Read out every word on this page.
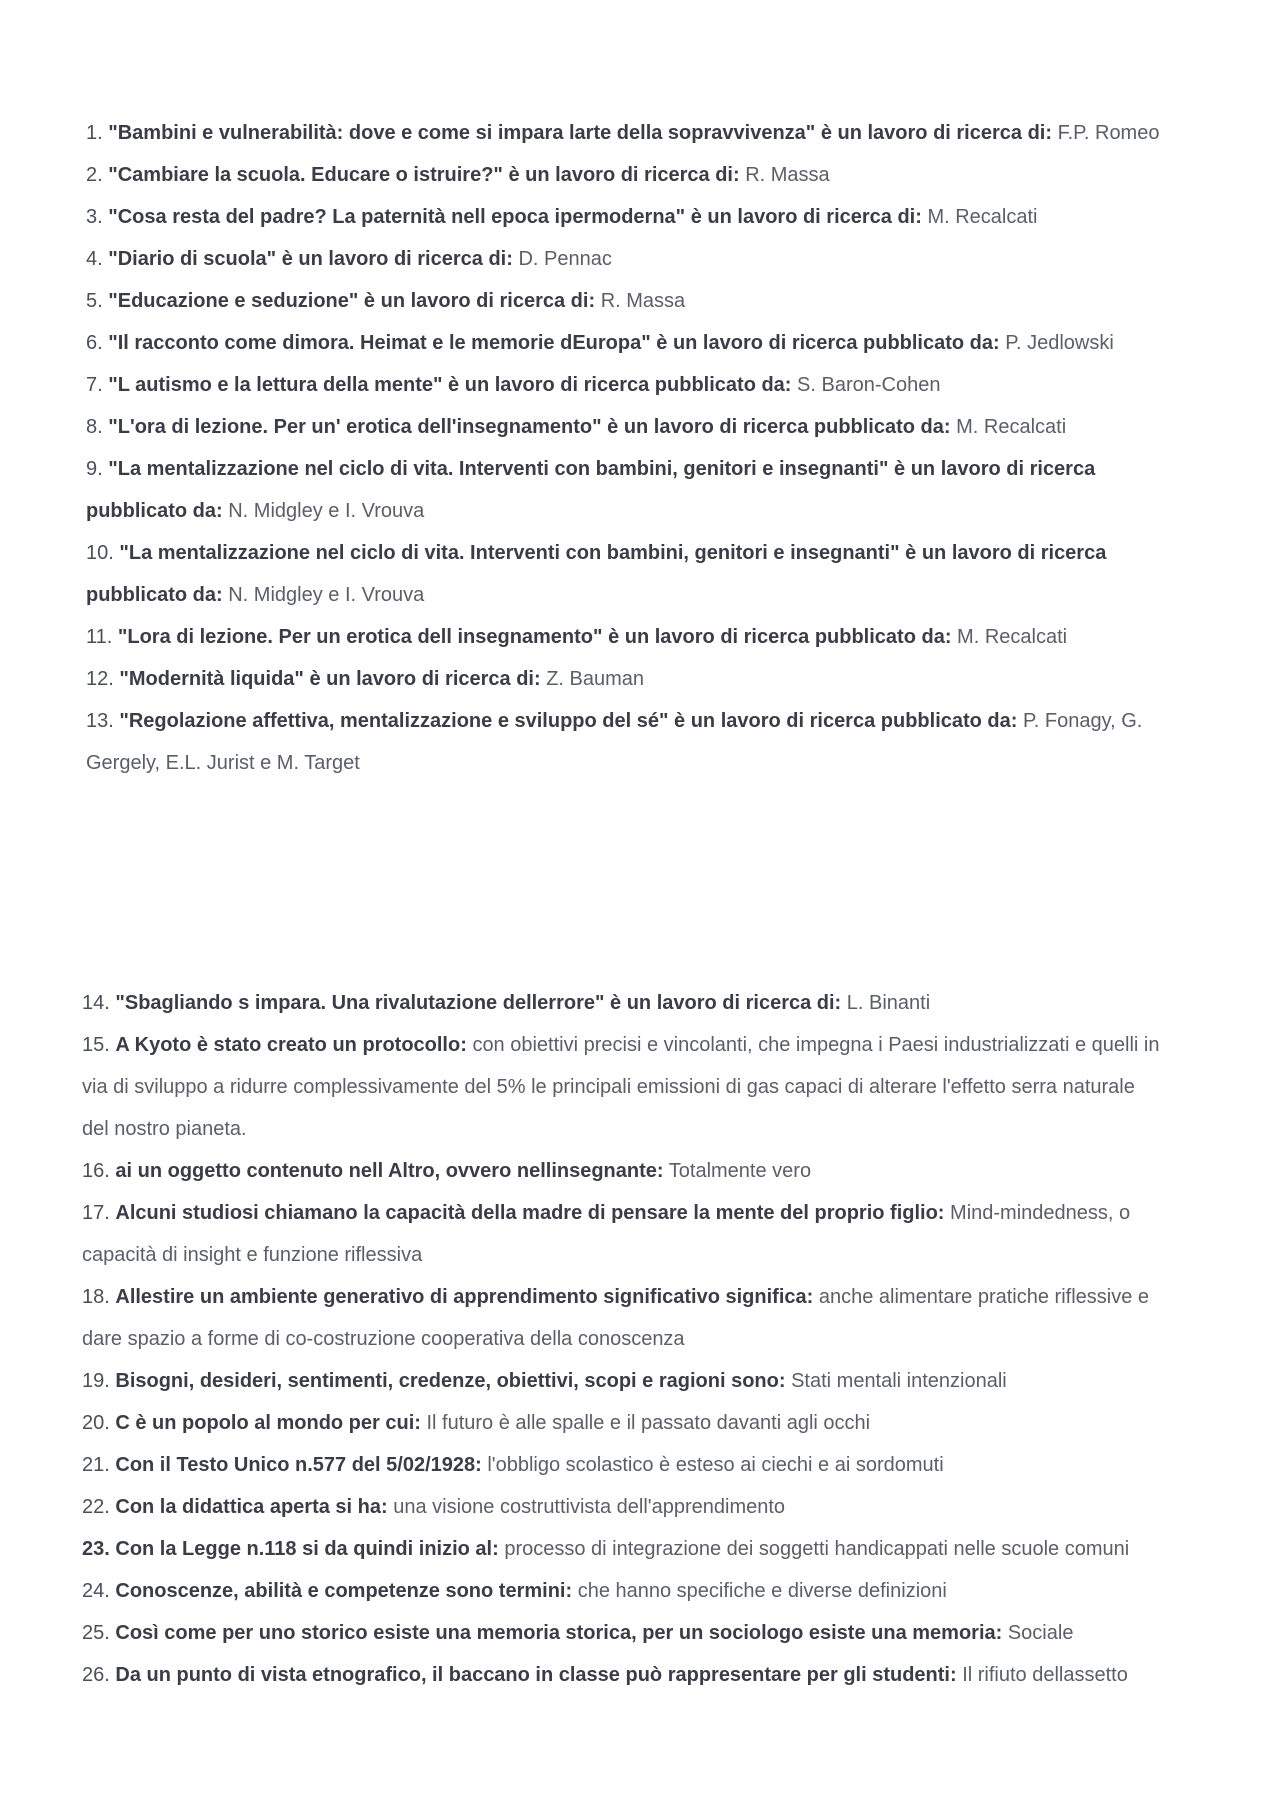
1. "Bambini e vulnerabilità: dove e come si impara larte della sopravvivenza" è un lavoro di ricerca di: F.P. Romeo

2. "Cambiare la scuola. Educare o istruire?" è un lavoro di ricerca di: R. Massa

3. "Cosa resta del padre? La paternità nell epoca ipermoderna" è un lavoro di ricerca di: M. Recalcati

4. "Diario di scuola" è un lavoro di ricerca di: D. Pennac

5. "Educazione e seduzione" è un lavoro di ricerca di: R. Massa

6. "Il racconto come dimora. Heimat e le memorie dEuropa" è un lavoro di ricerca pubblicato da: P. Jedlowski

7. "L autismo e la lettura della mente" è un lavoro di ricerca pubblicato da: S. Baron-Cohen

8. "L'ora di lezione. Per un' erotica dell'insegnamento" è un lavoro di ricerca pubblicato da: M. Recalcati

9. "La mentalizzazione nel ciclo di vita. Interventi con bambini, genitori e insegnanti" è un lavoro di ricerca pubblicato da: N. Midgley e I. Vrouva

10. "La mentalizzazione nel ciclo di vita. Interventi con bambini, genitori e insegnanti" è un lavoro di ricerca pubblicato da: N. Midgley e I. Vrouva

11. "Lora di lezione. Per un erotica dell insegnamento" è un lavoro di ricerca pubblicato da: M. Recalcati

12. "Modernità liquida" è un lavoro di ricerca di: Z. Bauman

13. "Regolazione affettiva, mentalizzazione e sviluppo del sé" è un lavoro di ricerca pubblicato da: P. Fonagy, G. Gergely, E.L. Jurist e M. Target

14. "Sbagliando s impara. Una rivalutazione dellerrore" è un lavoro di ricerca di: L. Binanti

15. A Kyoto è stato creato un protocollo: con obiettivi precisi e vincolanti, che impegna i Paesi industrializzati e quelli in via di sviluppo a ridurre complessivamente del 5% le principali emissioni di gas capaci di alterare l'effetto serra naturale del nostro pianeta.

16. ai un oggetto contenuto nell Altro, ovvero nellinsegnante: Totalmente vero

17. Alcuni studiosi chiamano la capacità della madre di pensare la mente del proprio figlio: Mind-mindedness, o capacità di insight e funzione riflessiva

18. Allestire un ambiente generativo di apprendimento significativo significa: anche alimentare pratiche riflessive e dare spazio a forme di co-costruzione cooperativa della conoscenza

19. Bisogni, desideri, sentimenti, credenze, obiettivi, scopi e ragioni sono: Stati mentali intenzionali

20. C è un popolo al mondo per cui: Il futuro è alle spalle e il passato davanti agli occhi

21. Con il Testo Unico n.577 del 5/02/1928: l'obbligo scolastico è esteso ai ciechi e ai sordomuti

22. Con la didattica aperta si ha: una visione costruttivista dell'apprendimento

23. Con la Legge n.118 si da quindi inizio al: processo di integrazione dei soggetti handicappati nelle scuole comuni

24. Conoscenze, abilità e competenze sono termini: che hanno specifiche e diverse definizioni

25. Così come per uno storico esiste una memoria storica, per un sociologo esiste una memoria: Sociale

26. Da un punto di vista etnografico, il baccano in classe può rappresentare per gli studenti: Il rifiuto dellassetto
